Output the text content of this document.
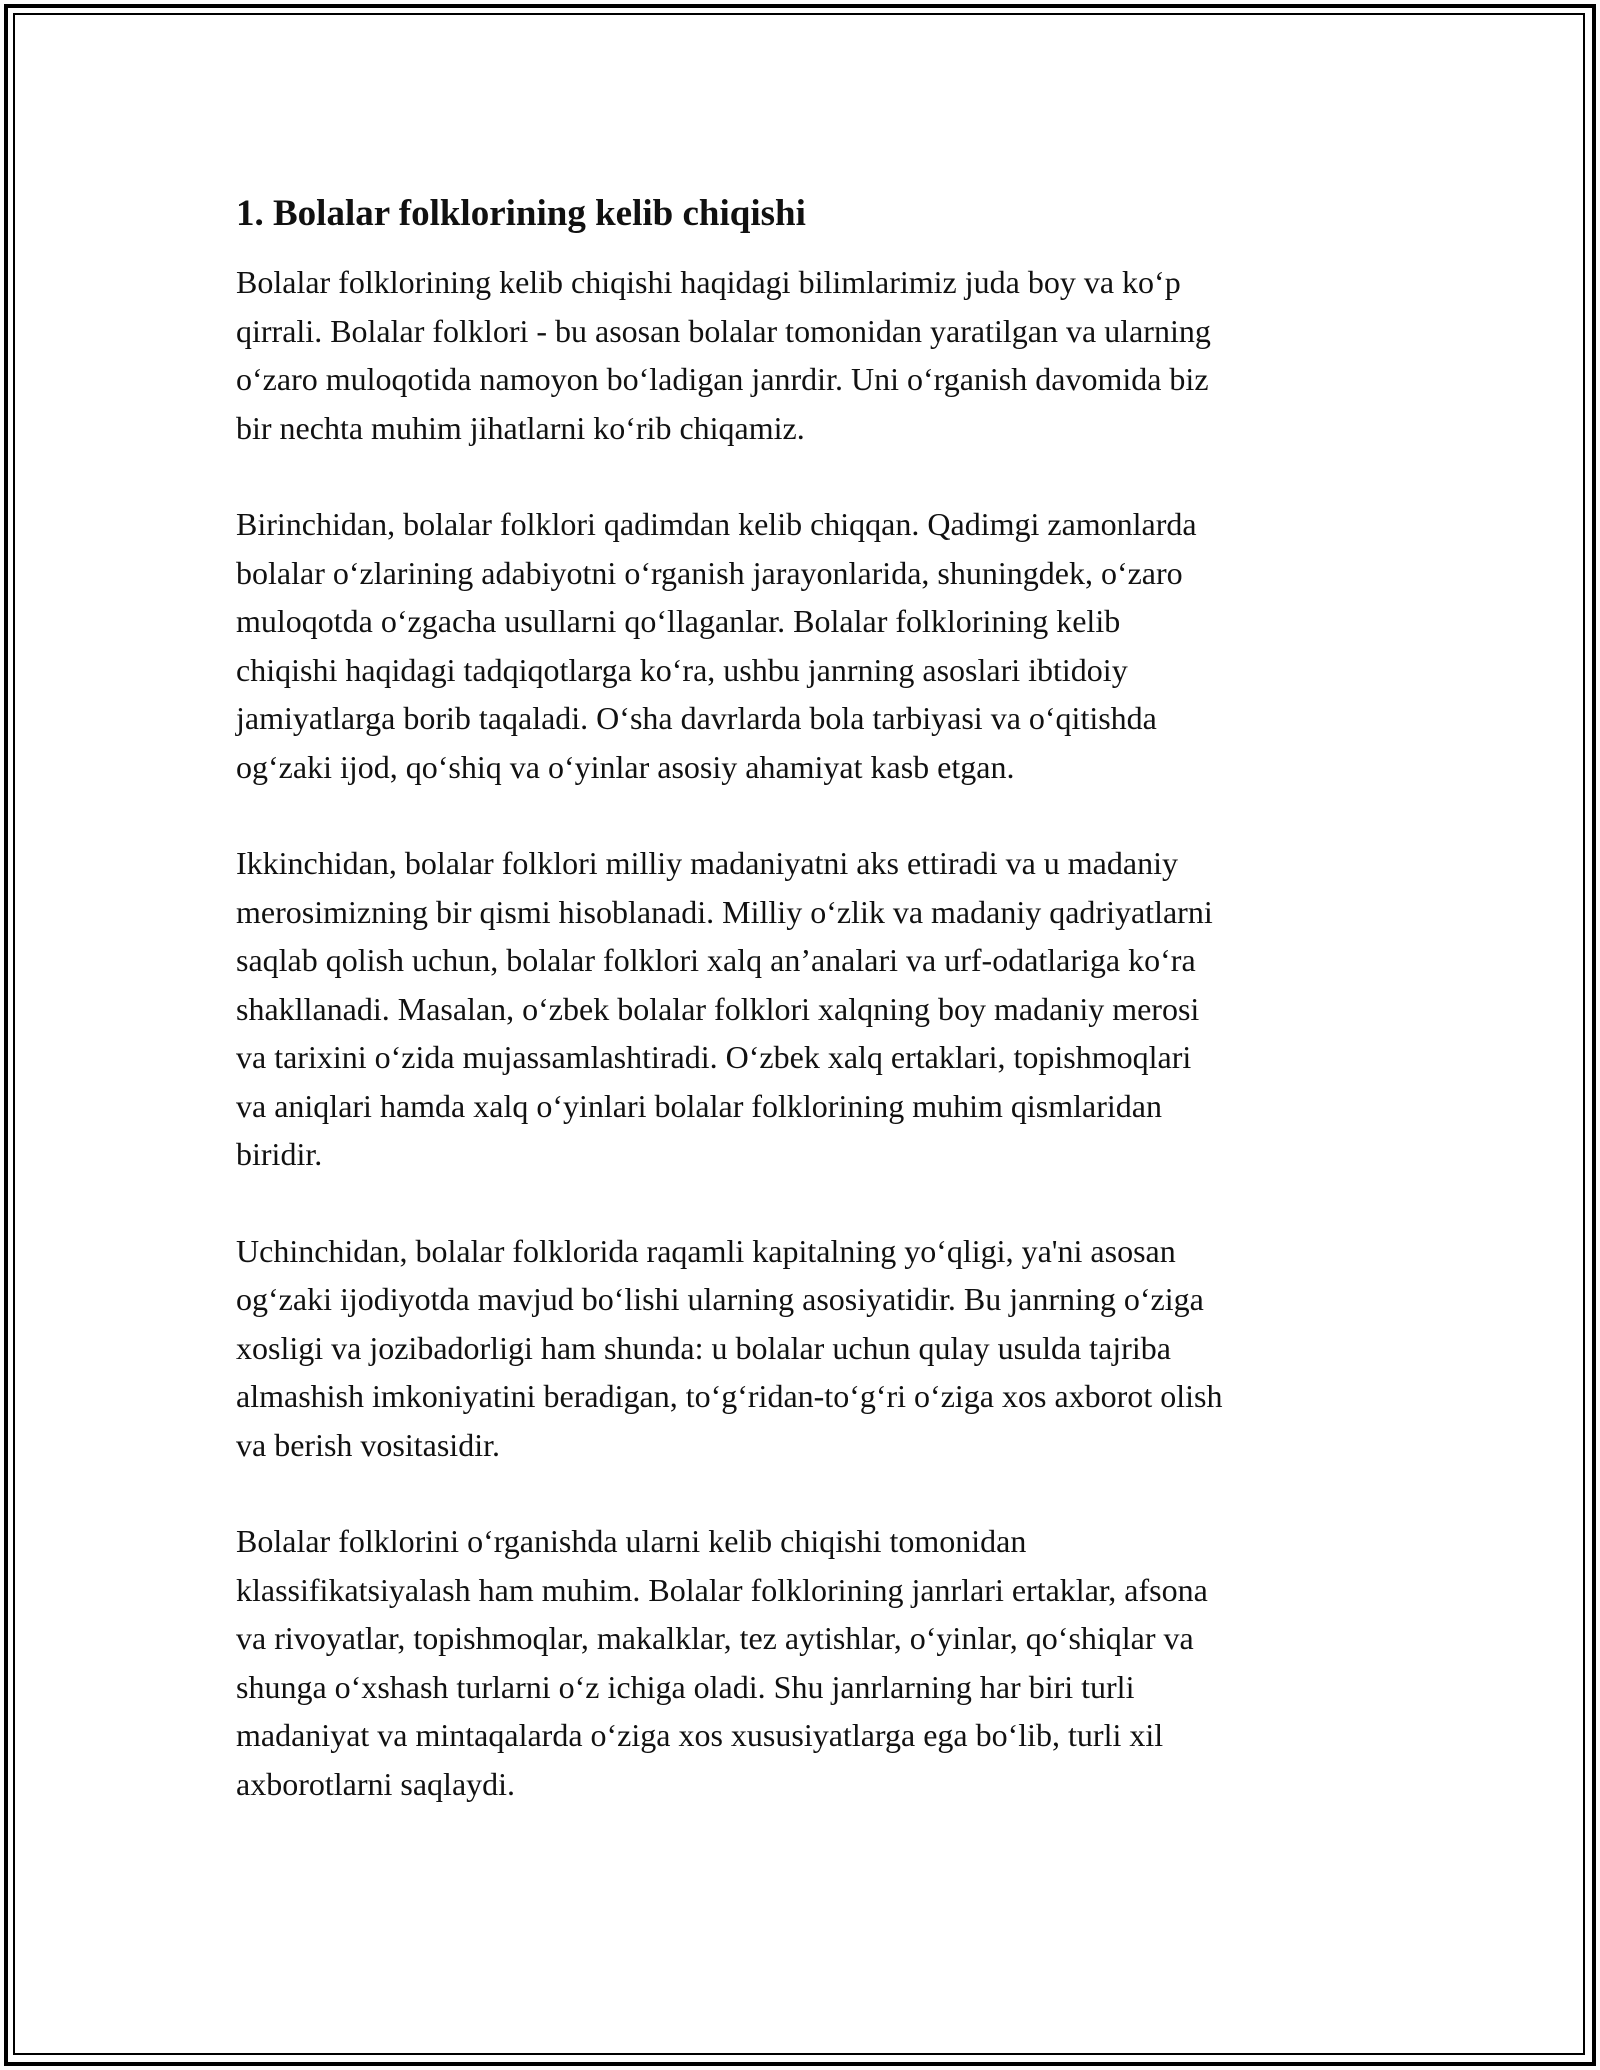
1. Bolalar folklorining kelib chiqishi

Bolalar folklorining kelib chiqishi haqidagi bilimlarimiz juda boy va ko‘p
qirrali. Bolalar folklori - bu asosan bolalar tomonidan yaratilgan va ularning
o‘zaro muloqotida namoyon bo‘ladigan janrdir. Uni o‘rganish davomida biz
bir nechta muhim jihatlarni ko‘rib chiqamiz.

Birinchidan, bolalar folklori qadimdan kelib chiqqan. Qadimgi zamonlarda
bolalar o‘zlarining adabiyotni o‘rganish jarayonlarida, shuningdek, o‘zaro
muloqotda o‘zgacha usullarni qo‘llaganlar. Bolalar folklorining kelib
chiqishi haqidagi tadqiqotlarga ko‘ra, ushbu janrning asoslari ibtidoiy
jamiyatlarga borib taqaladi. O‘sha davrlarda bola tarbiyasi va o‘qitishda
og‘zaki ijod, qo‘shiq va o‘yinlar asosiy ahamiyat kasb etgan.

Ikkinchidan, bolalar folklori milliy madaniyatni aks ettiradi va u madaniy
merosimizning bir qismi hisoblanadi. Milliy o‘zlik va madaniy qadriyatlarni
saqlab qolish uchun, bolalar folklori xalq an’analari va urf-odatlariga ko‘ra
shakllanadi. Masalan, o‘zbek bolalar folklori xalqning boy madaniy merosi
va tarixini o‘zida mujassamlashtiradi. O‘zbek xalq ertaklari, topishmoqlari
va aniqlari hamda xalq o‘yinlari bolalar folklorining muhim qismlaridan
biridir.

Uchinchidan, bolalar folklorida raqamli kapitalning yo‘qligi, ya'ni asosan
og‘zaki ijodiyotda mavjud bo‘lishi ularning asosiyatidir. Bu janrning o‘ziga
xosligi va jozibadorligi ham shunda: u bolalar uchun qulay usulda tajriba
almashish imkoniyatini beradigan, to‘g‘ridan-to‘g‘ri o‘ziga xos axborot olish
va berish vositasidir.

Bolalar folklorini o‘rganishda ularni kelib chiqishi tomonidan
klassifikatsiyalash ham muhim. Bolalar folklorining janrlari ertaklar, afsona
va rivoyatlar, topishmoqlar, makalklar, tez aytishlar, o‘yinlar, qo‘shiqlar va
shunga o‘xshash turlarni o‘z ichiga oladi. Shu janrlarning har biri turli
madaniyat va mintaqalarda o‘ziga xos xususiyatlarga ega bo‘lib, turli xil
axborotlarni saqlaydi.
